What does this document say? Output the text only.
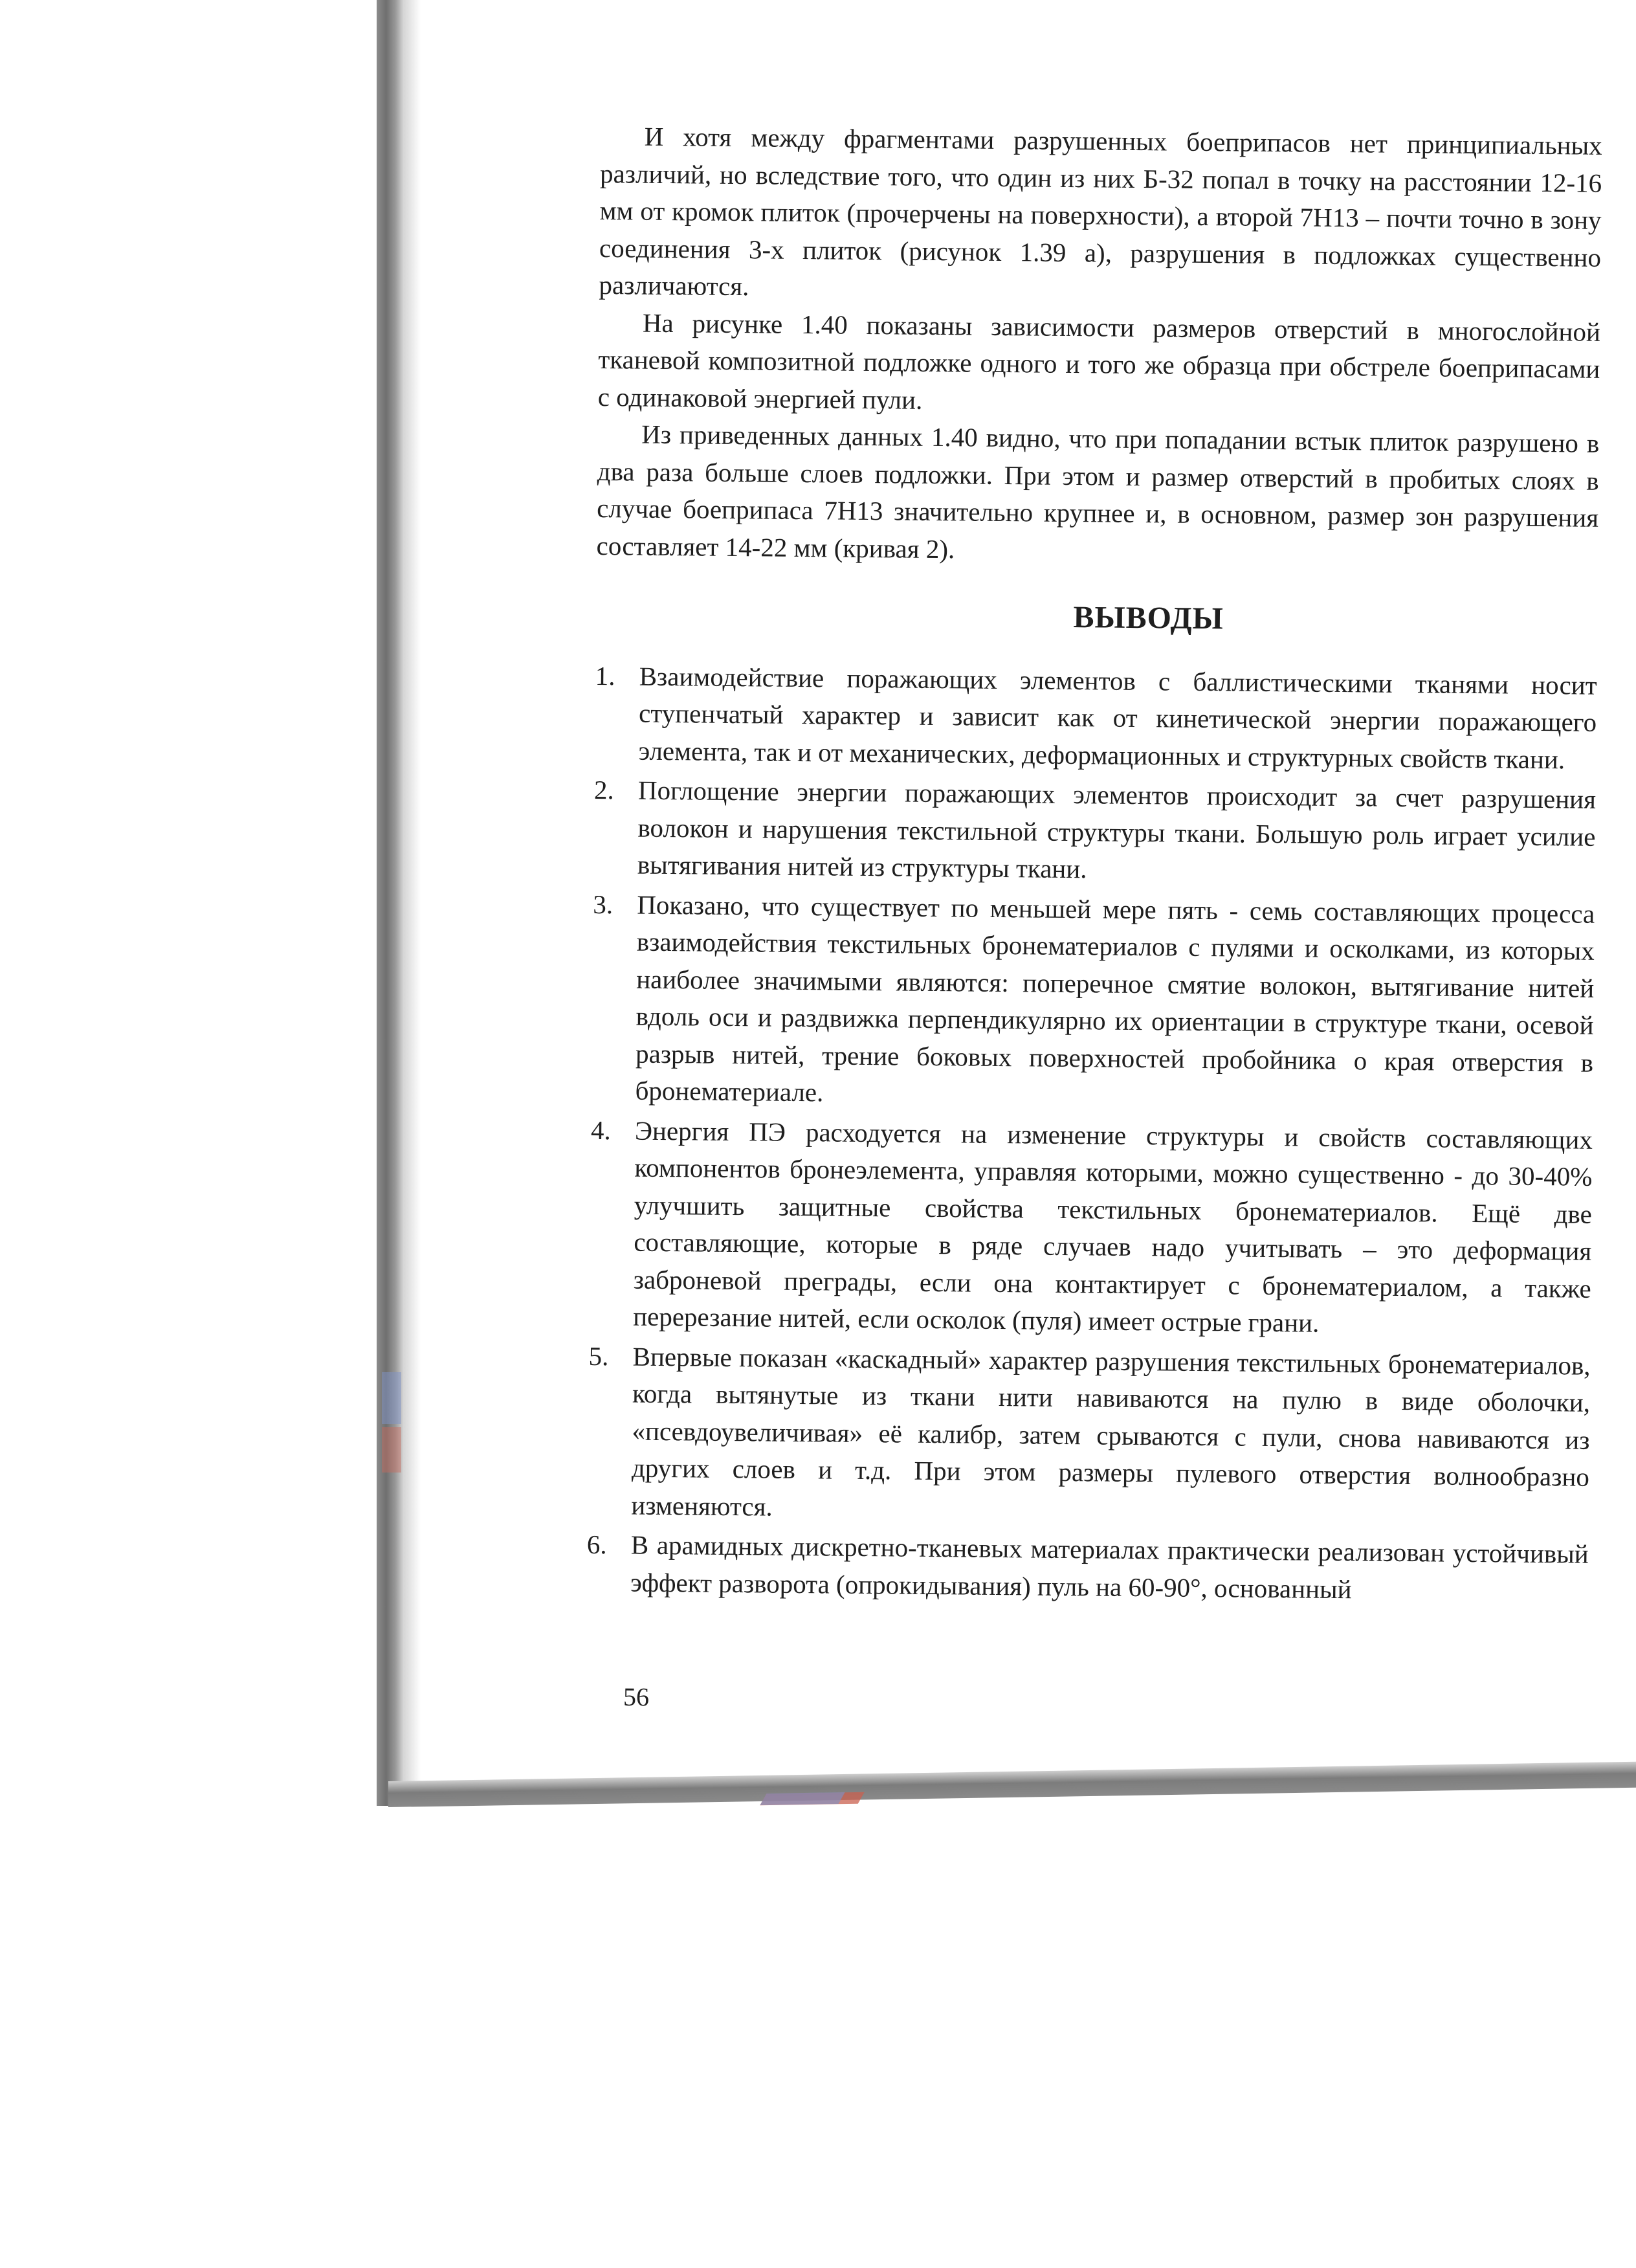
И хотя между фрагментами разрушенных боеприпасов нет принципиальных различий, но вследствие того, что один из них Б-32 попал в точку на расстоянии 12-16 мм от кромок плиток (прочерчены на поверхности), а второй 7Н13 – почти точно в зону соединения 3-х плиток (рисунок 1.39 а), разрушения в подложках существенно различаются.

На рисунке 1.40 показаны зависимости размеров отверстий в многослойной тканевой композитной подложке одного и того же образца при обстреле боеприпасами с одинаковой энергией пули.

Из приведенных данных 1.40 видно, что при попадании встык плиток разрушено в два раза больше слоев подложки. При этом и размер отверстий в пробитых слоях в случае боеприпаса 7Н13 значительно крупнее и, в основном, размер зон разрушения составляет 14-22 мм (кривая 2).

ВЫВОДЫ
1. Взаимодействие поражающих элементов с баллистическими тканями носит ступенчатый характер и зависит как от кинетической энергии поражающего элемента, так и от механических, деформационных и структурных свойств ткани.
2. Поглощение энергии поражающих элементов происходит за счет разрушения волокон и нарушения текстильной структуры ткани. Большую роль играет усилие вытягивания нитей из структуры ткани.
3. Показано, что существует по меньшей мере пять - семь составляющих процесса взаимодействия текстильных бронематериалов с пулями и осколками, из которых наиболее значимыми являются: поперечное смятие волокон, вытягивание нитей вдоль оси и раздвижка перпендикулярно их ориентации в структуре ткани, осевой разрыв нитей, трение боковых поверхностей пробойника о края отверстия в бронематериале.
4. Энергия ПЭ расходуется на изменение структуры и свойств составляющих компонентов бронеэлемента, управляя которыми, можно существенно - до 30-40% улучшить защитные свойства текстильных бронематериалов. Ещё две составляющие, которые в ряде случаев надо учитывать – это деформация заброневой преграды, если она контактирует с бронематериалом, а также перерезание нитей, если осколок (пуля) имеет острые грани.
5. Впервые показан «каскадный» характер разрушения текстильных бронематериалов, когда вытянутые из ткани нити навиваются на пулю в виде оболочки, «псевдоувеличивая» её калибр, затем срываются с пули, снова навиваются из других слоев и т.д. При этом размеры пулевого отверстия волнообразно изменяются.
6. В арамидных дискретно-тканевых материалах практически реализован устойчивый эффект разворота (опрокидывания) пуль на 60-90°, основанный
56
